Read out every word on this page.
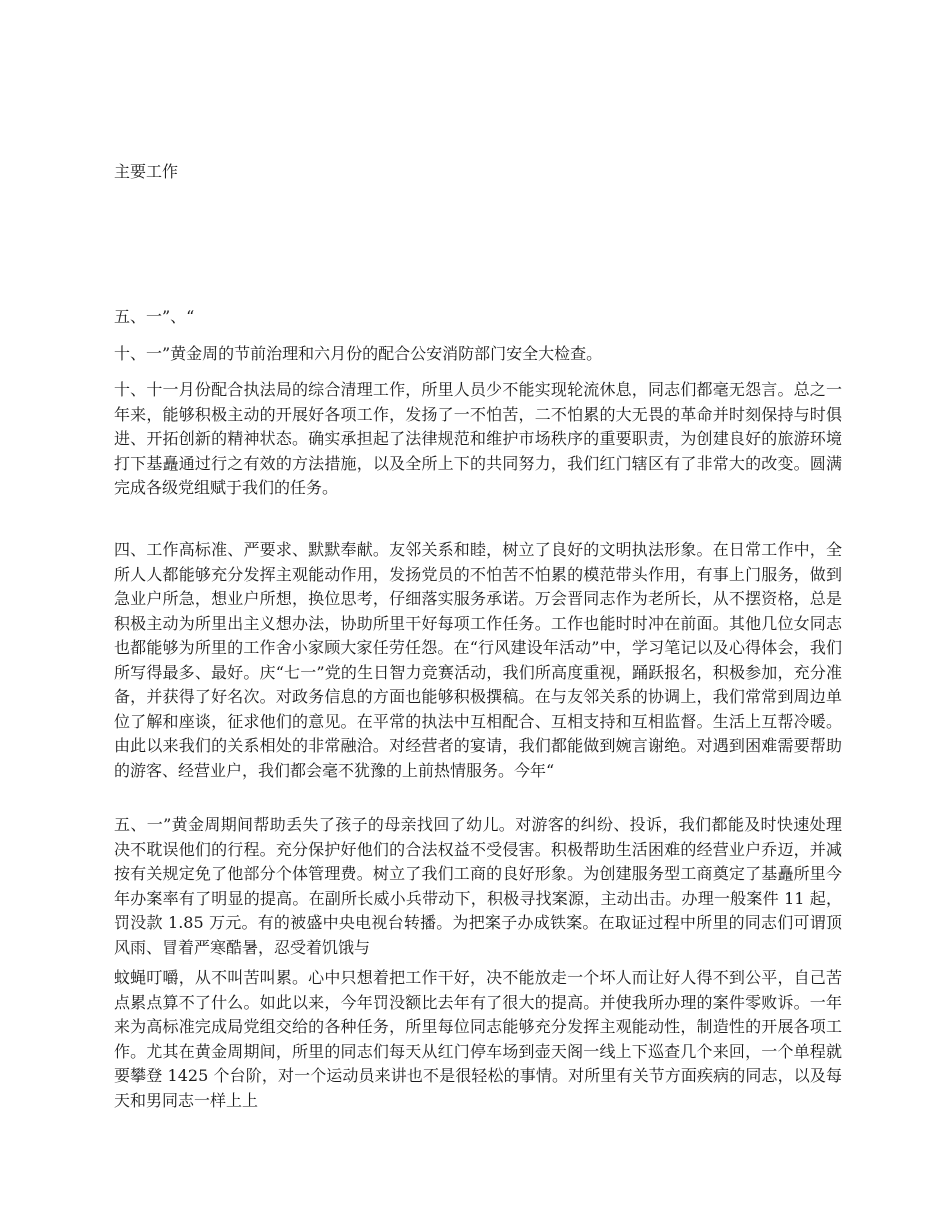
主要工作

五、一”、“

十、一”黄金周的节前治理和六月份的配合公安消防部门安全大检查。

十、十一月份配合执法局的综合清理工作，所里人员少不能实现轮流休息，同志们都毫无怨言。总之一年来，能够积极主动的开展好各项工作，发扬了一不怕苦，二不怕累的大无畏的革命并时刻保持与时俱进、开拓创新的精神状态。确实承担起了法律规范和维护市场秩序的重要职责，为创建良好的旅游环境打下基矗通过行之有效的方法措施，以及全所上下的共同努力，我们红门辖区有了非常大的改变。圆满完成各级党组赋于我们的任务。

四、工作高标准、严要求、默默奉献。友邻关系和睦，树立了良好的文明执法形象。在日常工作中，全所人人都能够充分发挥主观能动作用，发扬党员的不怕苦不怕累的模范带头作用，有事上门服务，做到急业户所急，想业户所想，换位思考，仔细落实服务承诺。万会晋同志作为老所长，从不摆资格，总是积极主动为所里出主义想办法，协助所里干好每项工作任务。工作也能时时冲在前面。其他几位女同志也都能够为所里的工作舍小家顾大家任劳任怨。在“行风建设年活动”中，学习笔记以及心得体会，我们所写得最多、最好。庆“七一”党的生日智力竞赛活动，我们所高度重视，踊跃报名，积极参加，充分准备，并获得了好名次。对政务信息的方面也能够积极撰稿。在与友邻关系的协调上，我们常常到周边单位了解和座谈，征求他们的意见。在平常的执法中互相配合、互相支持和互相监督。生活上互帮冷暖。由此以来我们的关系相处的非常融洽。对经营者的宴请，我们都能做到婉言谢绝。对遇到困难需要帮助的游客、经营业户，我们都会毫不犹豫的上前热情服务。今年“

五、一”黄金周期间帮助丢失了孩子的母亲找回了幼儿。对游客的纠纷、投诉，我们都能及时快速处理决不耽误他们的行程。充分保护好他们的合法权益不受侵害。积极帮助生活困难的经营业户乔迈，并减按有关规定免了他部分个体管理费。树立了我们工商的良好形象。为创建服务型工商奠定了基矗所里今年办案率有了明显的提高。在副所长威小兵带动下，积极寻找案源，主动出击。办理一般案件 11 起，罚没款 1.85 万元。有的被盛中央电视台转播。为把案子办成铁案。在取证过程中所里的同志们可谓顶风雨、冒着严寒酷暑，忍受着饥饿与

蚊蝇叮嚼，从不叫苦叫累。心中只想着把工作干好，决不能放走一个坏人而让好人得不到公平，自己苦点累点算不了什么。如此以来，今年罚没额比去年有了很大的提高。并使我所办理的案件零败诉。一年来为高标准完成局党组交给的各种任务，所里每位同志能够充分发挥主观能动性，制造性的开展各项工作。尤其在黄金周期间，所里的同志们每天从红门停车场到壶天阁一线上下巡查几个来回，一个单程就要攀登 1425 个台阶，对一个运动员来讲也不是很轻松的事情。对所里有关节方面疾病的同志，以及每天和男同志一样上上
